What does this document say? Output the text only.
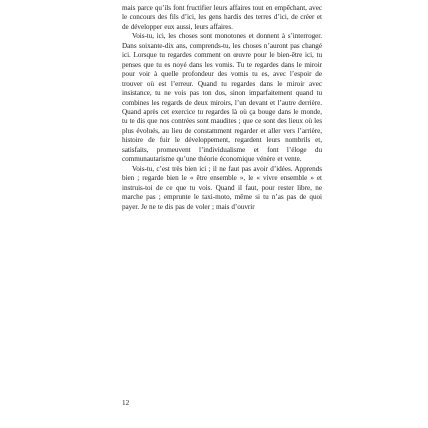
mais parce qu’ils font fructifier leurs affaires tout en empêchant, avec le concours des fils d’ici, les gens hardis des terres d’ici, de créer et de développer eux aussi, leurs affaires.

Vois-tu, ici, les choses sont monotones et donnent à s’interroger. Dans soixante-dix ans, comprends-tu, les choses n’auront pas changé ici. Lorsque tu regardes comment on œuvre pour le bien-être ici, tu penses que tu es noyé dans les vomis. Tu te regardes dans le miroir pour voir à quelle profondeur des vomis tu es, avec l’espoir de trouver où est l’erreur. Quand tu regardes dans le miroir avec insistance, tu ne vois pas ton dos, sinon imparfaitement quand tu combines les regards de deux miroirs, l’un devant et l’autre derrière. Quand après cet exercice tu regardes là où ça bouge dans le monde, tu te dis que nos contrées sont maudites ; que ce sont des lieux où les plus évolués, au lieu de constamment regarder et aller vers l’arrière, histoire de fuir le développement, regardent leurs nombrils et, satisfaits, promeuvent l’individualisme et font l’éloge du communautarisme qu’une théorie économique vénère et vente.

Vois-tu, c’est très bien ici ; il ne faut pas avoir d’idées. Apprends bien ; regarde bien le « être ensemble », le « vivre ensemble » et instruis-toi de ce que tu vois. Quand il faut, pour rester libre, ne marche pas ; emprunte le taxi-moto, même si tu n’as pas de quoi payer. Je ne te dis pas de voler ; mais d’ouvrir

12
